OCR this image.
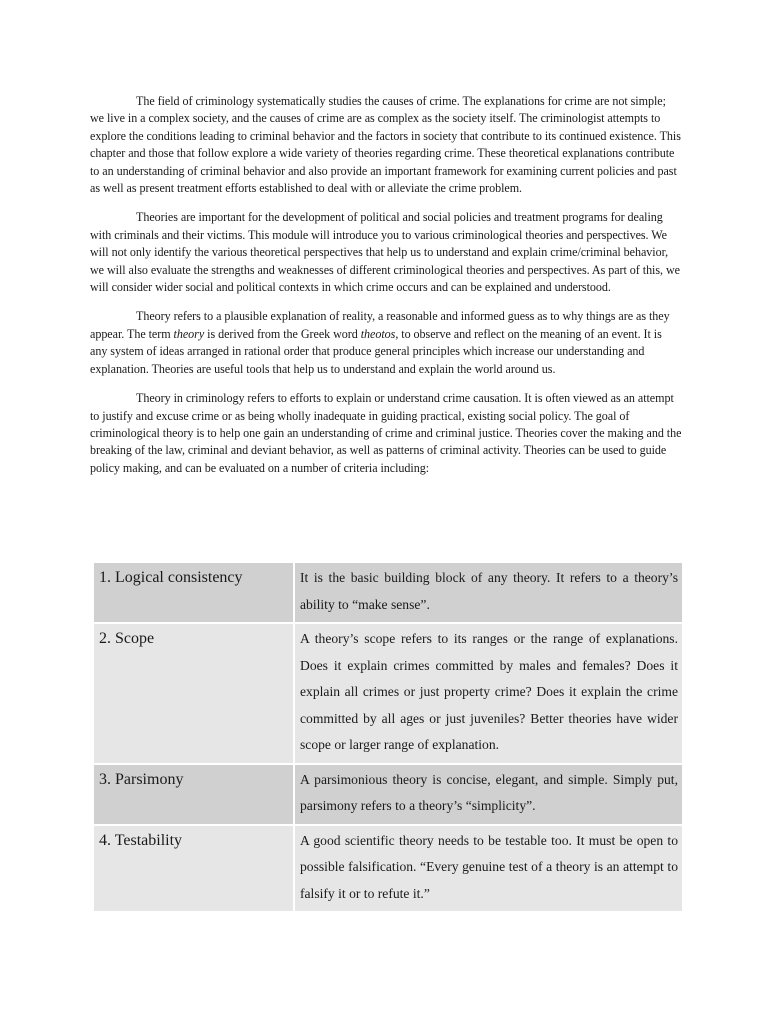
The field of criminology systematically studies the causes of crime. The explanations for crime are not simple; we live in a complex society, and the causes of crime are as complex as the society itself. The criminologist attempts to explore the conditions leading to criminal behavior and the factors in society that contribute to its continued existence. This chapter and those that follow explore a wide variety of theories regarding crime. These theoretical explanations contribute to an understanding of criminal behavior and also provide an important framework for examining current policies and past as well as present treatment efforts established to deal with or alleviate the crime problem.

Theories are important for the development of political and social policies and treatment programs for dealing with criminals and their victims. This module will introduce you to various criminological theories and perspectives. We will not only identify the various theoretical perspectives that help us to understand and explain crime/criminal behavior, we will also evaluate the strengths and weaknesses of different criminological theories and perspectives. As part of this, we will consider wider social and political contexts in which crime occurs and can be explained and understood.

Theory refers to a plausible explanation of reality, a reasonable and informed guess as to why things are as they appear. The term theory is derived from the Greek word theotos, to observe and reflect on the meaning of an event. It is any system of ideas arranged in rational order that produce general principles which increase our understanding and explanation. Theories are useful tools that help us to understand and explain the world around us.

Theory in criminology refers to efforts to explain or understand crime causation. It is often viewed as an attempt to justify and excuse crime or as being wholly inadequate in guiding practical, existing social policy. The goal of criminological theory is to help one gain an understanding of crime and criminal justice. Theories cover the making and the breaking of the law, criminal and deviant behavior, as well as patterns of criminal activity. Theories can be used to guide policy making, and can be evaluated on a number of criteria including:

1. Logical consistency	It is the basic building block of any theory. It refers to a theory’s ability to “make sense”.
2. Scope	A theory’s scope refers to its ranges or the range of explanations. Does it explain crimes committed by males and females? Does it explain all crimes or just property crime? Does it explain the crime committed by all ages or just juveniles? Better theories have wider scope or larger range of explanation.
3. Parsimony	A parsimonious theory is concise, elegant, and simple. Simply put, parsimony refers to a theory’s “simplicity”.
4. Testability	A good scientific theory needs to be testable too. It must be open to possible falsification. “Every genuine test of a theory is an attempt to falsify it or to refute it.”
